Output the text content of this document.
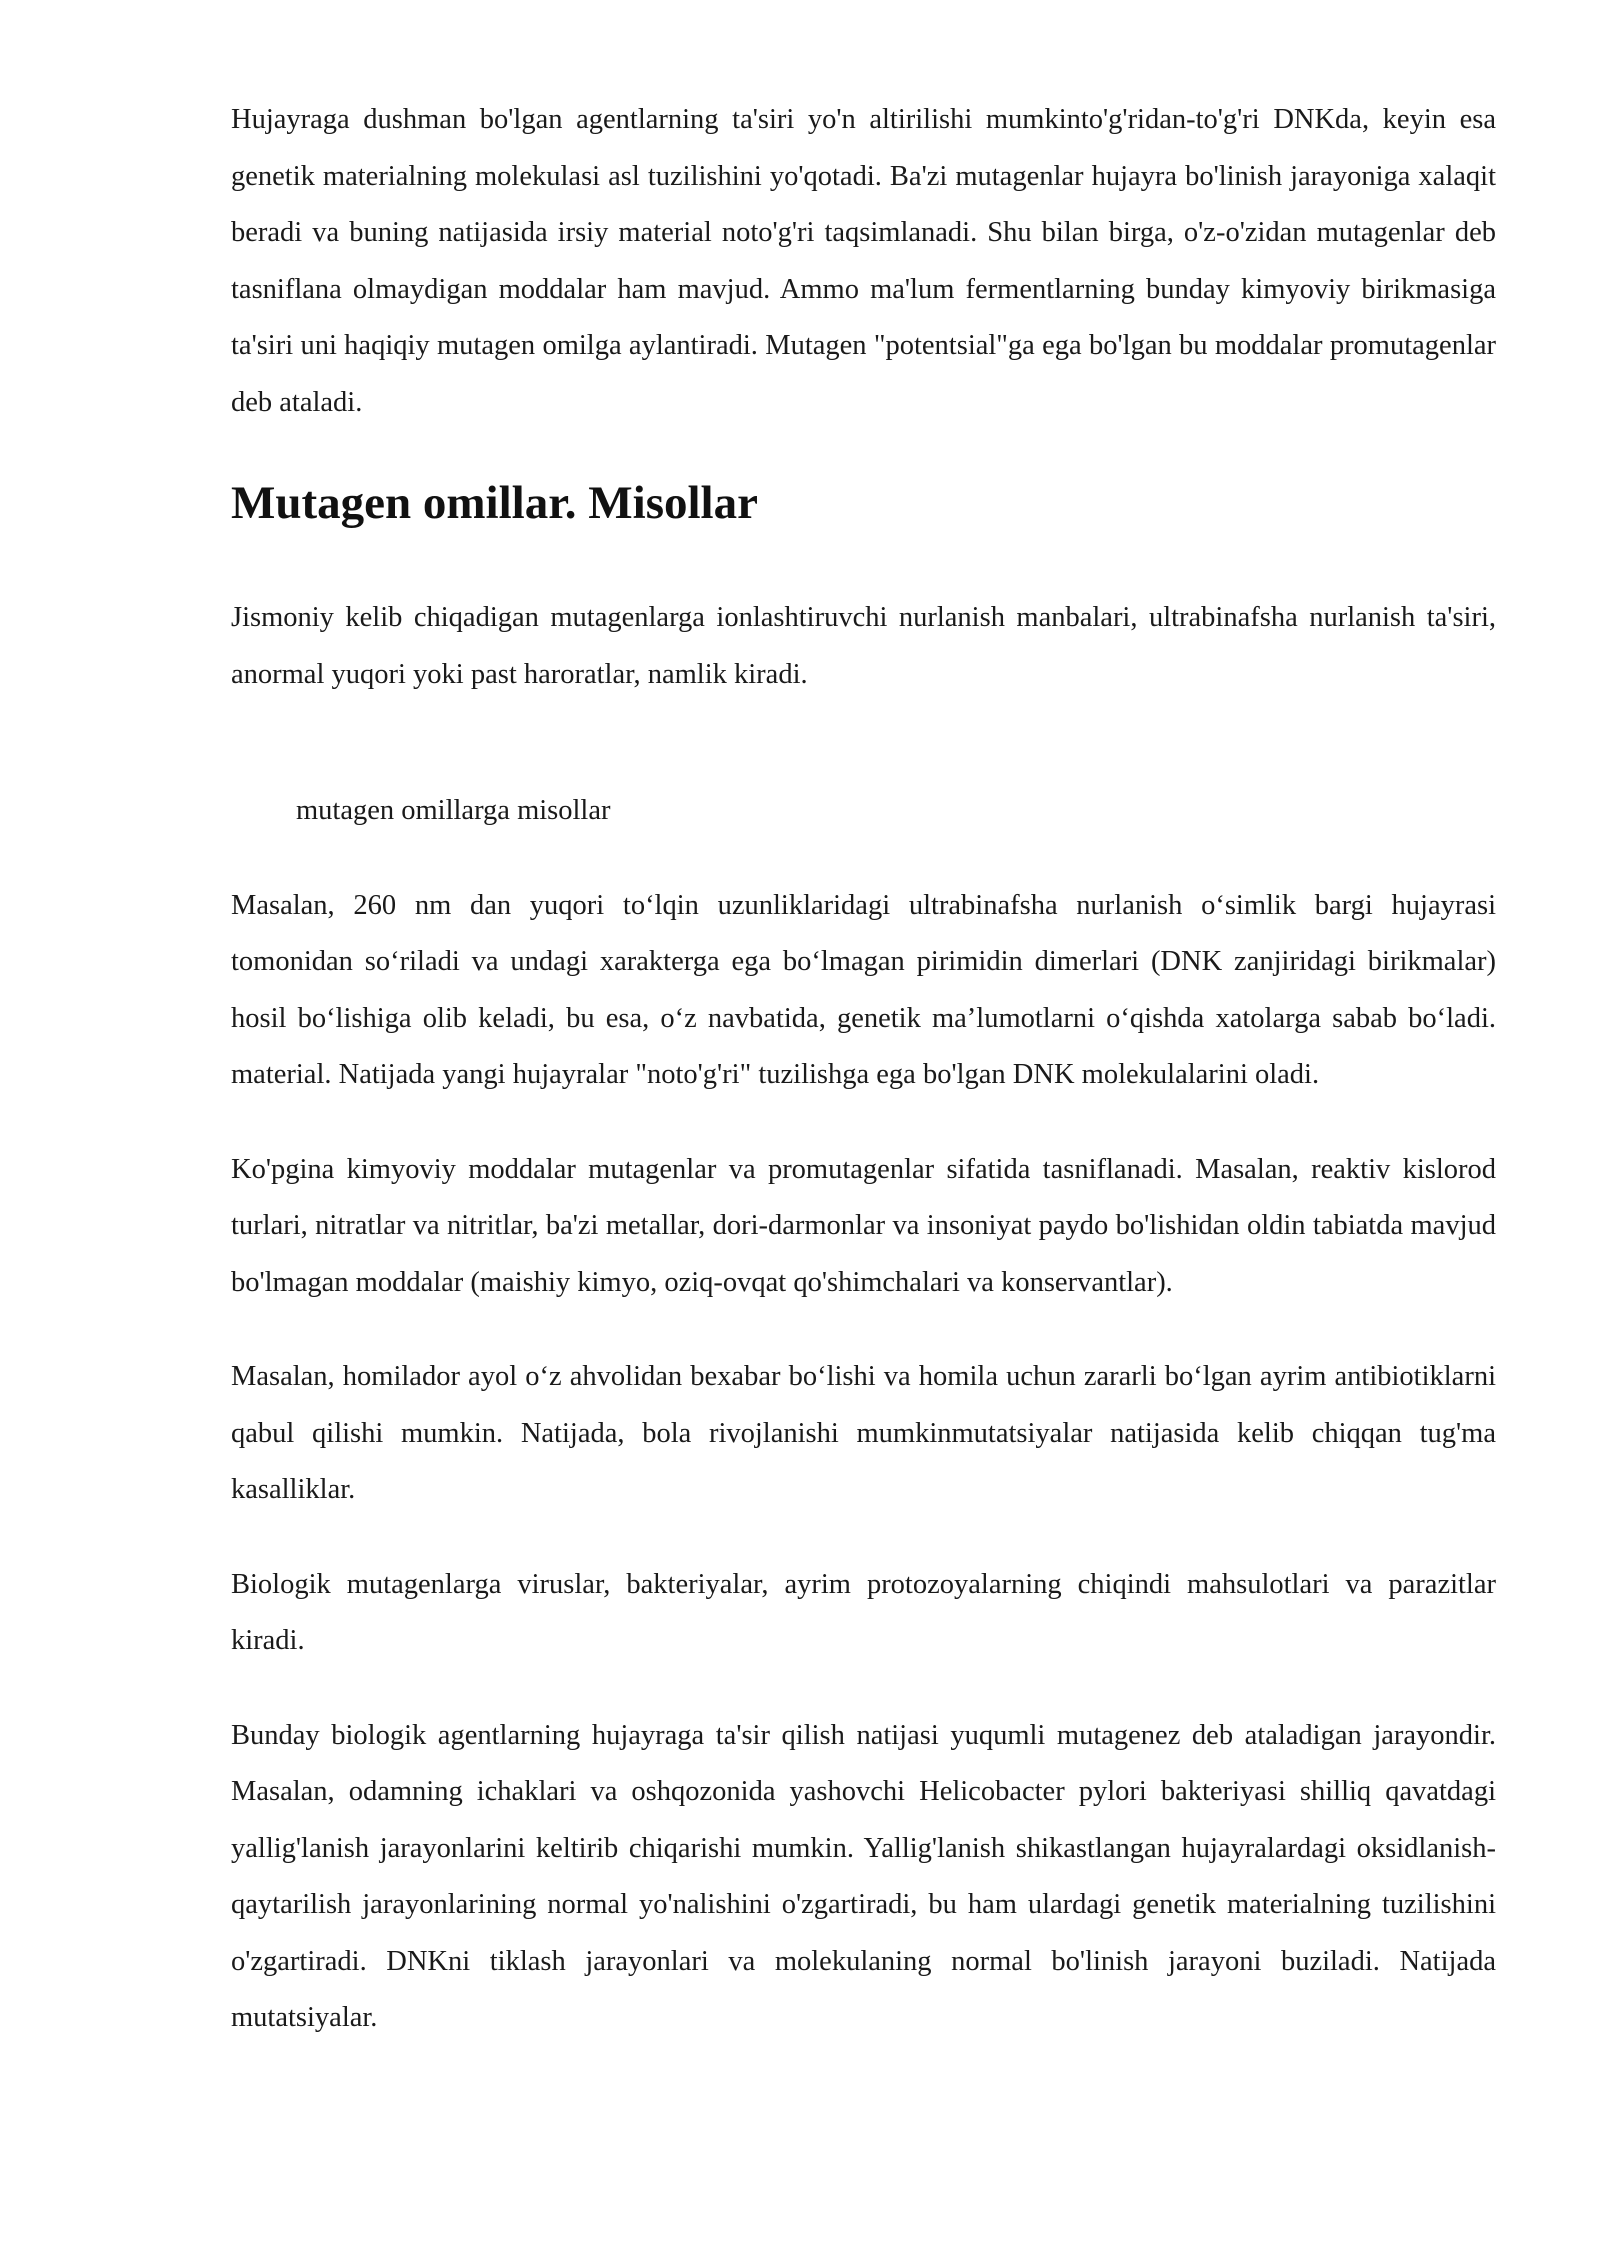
Hujayraga dushman bo'lgan agentlarning ta'siri yo'n altirilishi mumkinto'g'ridan-to'g'ri DNKda, keyin esa genetik materialning molekulasi asl tuzilishini yo'qotadi. Ba'zi mutagenlar hujayra bo'linish jarayoniga xalaqit beradi va buning natijasida irsiy material noto'g'ri taqsimlanadi. Shu bilan birga, o'z-o'zidan mutagenlar deb tasniflana olmaydigan moddalar ham mavjud. Ammo ma'lum fermentlarning bunday kimyoviy birikmasiga ta'siri uni haqiqiy mutagen omilga aylantiradi. Mutagen "potentsial"ga ega bo'lgan bu moddalar promutagenlar deb ataladi.

Mutagen omillar. Misollar

Jismoniy kelib chiqadigan mutagenlarga ionlashtiruvchi nurlanish manbalari, ultrabinafsha nurlanish ta'siri, anormal yuqori yoki past haroratlar, namlik kiradi.

mutagen omillarga misollar

Masalan, 260 nm dan yuqori to‘lqin uzunliklaridagi ultrabinafsha nurlanish o‘simlik bargi hujayrasi tomonidan so‘riladi va undagi xarakterga ega bo‘lmagan pirimidin dimerlari (DNK zanjiridagi birikmalar) hosil bo‘lishiga olib keladi, bu esa, o‘z navbatida, genetik ma’lumotlarni o‘qishda xatolarga sabab bo‘ladi. material. Natijada yangi hujayralar "noto'g'ri" tuzilishga ega bo'lgan DNK molekulalarini oladi.

Ko'pgina kimyoviy moddalar mutagenlar va promutagenlar sifatida tasniflanadi. Masalan, reaktiv kislorod turlari, nitratlar va nitritlar, ba'zi metallar, dori-darmonlar va insoniyat paydo bo'lishidan oldin tabiatda mavjud bo'lmagan moddalar (maishiy kimyo, oziq-ovqat qo'shimchalari va konservantlar).

Masalan, homilador ayol o‘z ahvolidan bexabar bo‘lishi va homila uchun zararli bo‘lgan ayrim antibiotiklarni qabul qilishi mumkin. Natijada, bola rivojlanishi mumkinmutatsiyalar natijasida kelib chiqqan tug'ma kasalliklar.

Biologik mutagenlarga viruslar, bakteriyalar, ayrim protozoyalarning chiqindi mahsulotlari va parazitlar kiradi.

Bunday biologik agentlarning hujayraga ta'sir qilish natijasi yuqumli mutagenez deb ataladigan jarayondir. Masalan, odamning ichaklari va oshqozonida yashovchi Helicobacter pylori bakteriyasi shilliq qavatdagi yallig'lanish jarayonlarini keltirib chiqarishi mumkin. Yallig'lanish shikastlangan hujayralardagi oksidlanish-qaytarilish jarayonlarining normal yo'nalishini o'zgartiradi, bu ham ulardagi genetik materialning tuzilishini o'zgartiradi. DNKni tiklash jarayonlari va molekulaning normal bo'linish jarayoni buziladi. Natijada mutatsiyalar.
